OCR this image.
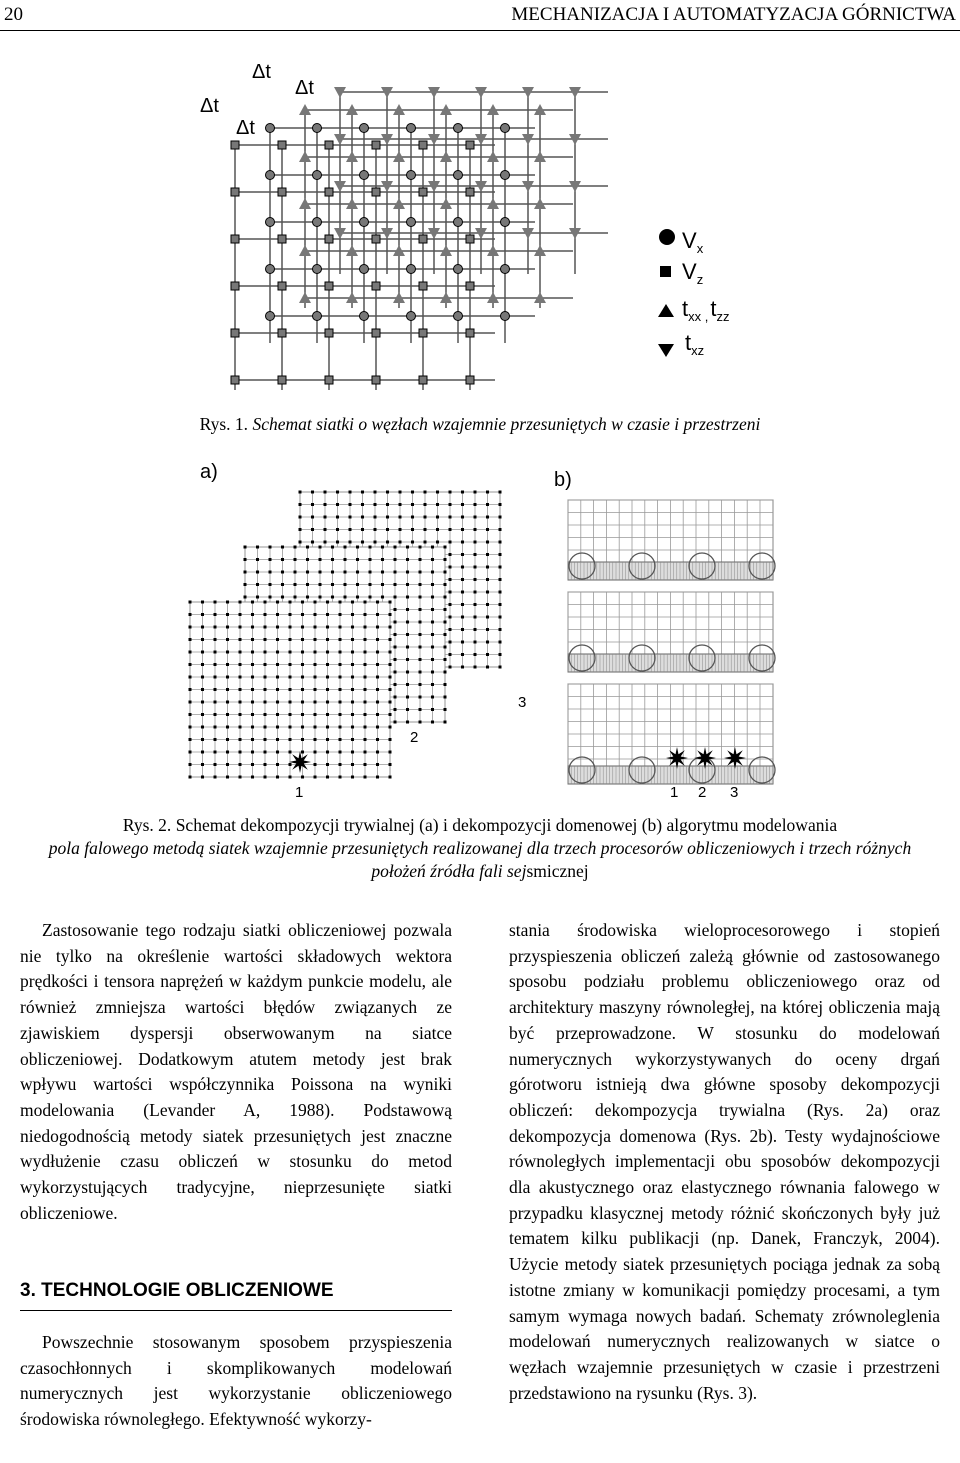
20	MECHANIZACJA I AUTOMATYZACJA GÓRNICTWA
Δt
Δt
Δt
Δt
$V_x$
$V_z$
$t_{xx ,}t_{zz}$
$t_{xz}$
Rys. 1. Schemat siatki o węzłach wzajemnie przesuniętych w czasie i przestrzeni
a)	b)
1
2
3
1 2 3
Rys. 2. Schemat dekompozycji trywialnej (a) i dekompozycji domenowej (b) algorytmu modelowania
pola falowego metodą siatek wzajemnie przesuniętych realizowanej dla trzech procesorów obliczeniowych i trzech różnych położeń źródła fali sejsmicznej

Zastosowanie tego rodzaju siatki obliczeniowej pozwala nie tylko na określenie wartości składowych wektora prędkości i tensora naprężeń w każdym punkcie modelu, ale również zmniejsza wartości błędów związanych ze zjawiskiem dyspersji obserwowanym na siatce obliczeniowej. Dodatkowym atutem metody jest brak wpływu wartości współczynnika Poissona na wyniki modelowania (Levander A, 1988). Podstawową niedogodnością metody siatek przesuniętych jest znaczne wydłużenie czasu obliczeń w stosunku do metod wykorzystujących tradycyjne, nieprzesunięte siatki obliczeniowe.

3. TECHNOLOGIE OBLICZENIOWE

Powszechnie stosowanym sposobem przyspieszenia czasochłonnych i skomplikowanych modelowań numerycznych jest wykorzystanie obliczeniowego środowiska równoległego. Efektywność wykorzy-

stania środowiska wieloprocesorowego i stopień przyspieszenia obliczeń zależą głównie od zastosowanego sposobu podziału problemu obliczeniowego oraz od architektury maszyny równoległej, na której obliczenia mają być przeprowadzone. W stosunku do modelowań numerycznych wykorzystywanych do oceny drgań górotworu istnieją dwa główne sposoby dekompozycji obliczeń: dekompozycja trywialna (Rys. 2a) oraz dekompozycja domenowa (Rys. 2b). Testy wydajnościowe równoległych implementacji obu sposobów dekompozycji dla akustycznego oraz elastycznego równania falowego w przypadku klasycznej metody różnić skończonych były już tematem kilku publikacji (np. Danek, Franczyk, 2004). Użycie metody siatek przesuniętych pociąga jednak za sobą istotne zmiany w komunikacji pomiędzy procesami, a tym samym wymaga nowych badań. Schematy zrównoleglenia modelowań numerycznych realizowanych w siatce o węzłach wzajemnie przesuniętych w czasie i przestrzeni przedstawiono na rysunku (Rys. 3).
